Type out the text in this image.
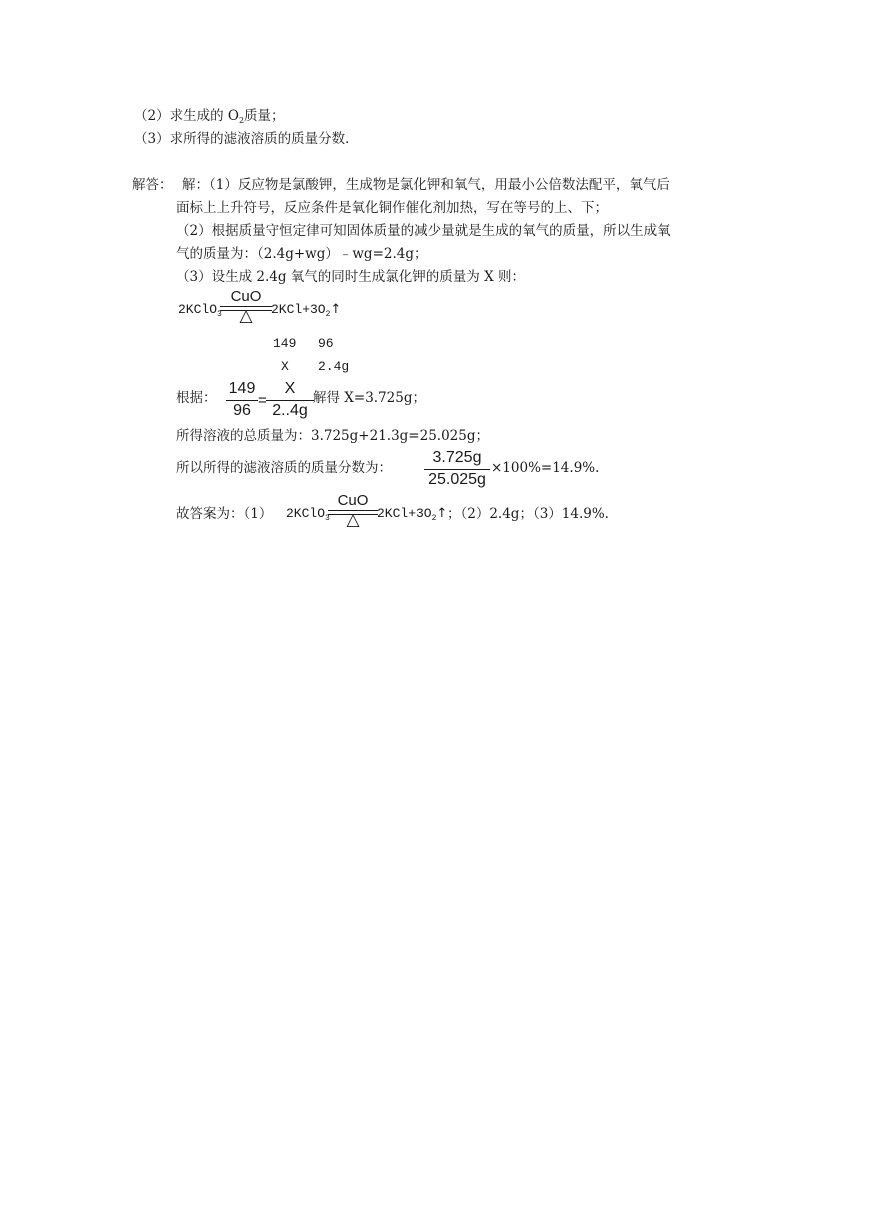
（2）求生成的 $O_2$质量；
（3）求所得的滤液溶质的质量分数．
解答： 解：（1）反应物是氯酸钾，生成物是氯化钾和氧气，用最小公倍数法配平，氧气后
面标上上升符号，反应条件是氧化铜作催化剂加热，写在等号的上、下；
（2）根据质量守恒定律可知固体质量的减少量就是生成的氧气的质量，所以生成氧
气的质量为：（2.4g+wg）﹣wg=2.4g；
（3）设生成 2.4g 氧气的同时生成氯化钾的质量为 X 则：
2KClO$_3$
CuO
△	$2KCl+3O_2↑$
149 96
X 2.4g
根据：
149
96
=
X
2..4g
解得 X=3.725g；
所得溶液的总质量为：3.725g+21.3g=25.025g；
所以所得的滤液溶质的质量分数为：
3.725g
25.025g
×100%=14.9%.
故答案为：（1） 2KClO$_3$
CuO
△	$2KCl+3O_2↑$ ；（2）2.4g；（3）14.9%.
